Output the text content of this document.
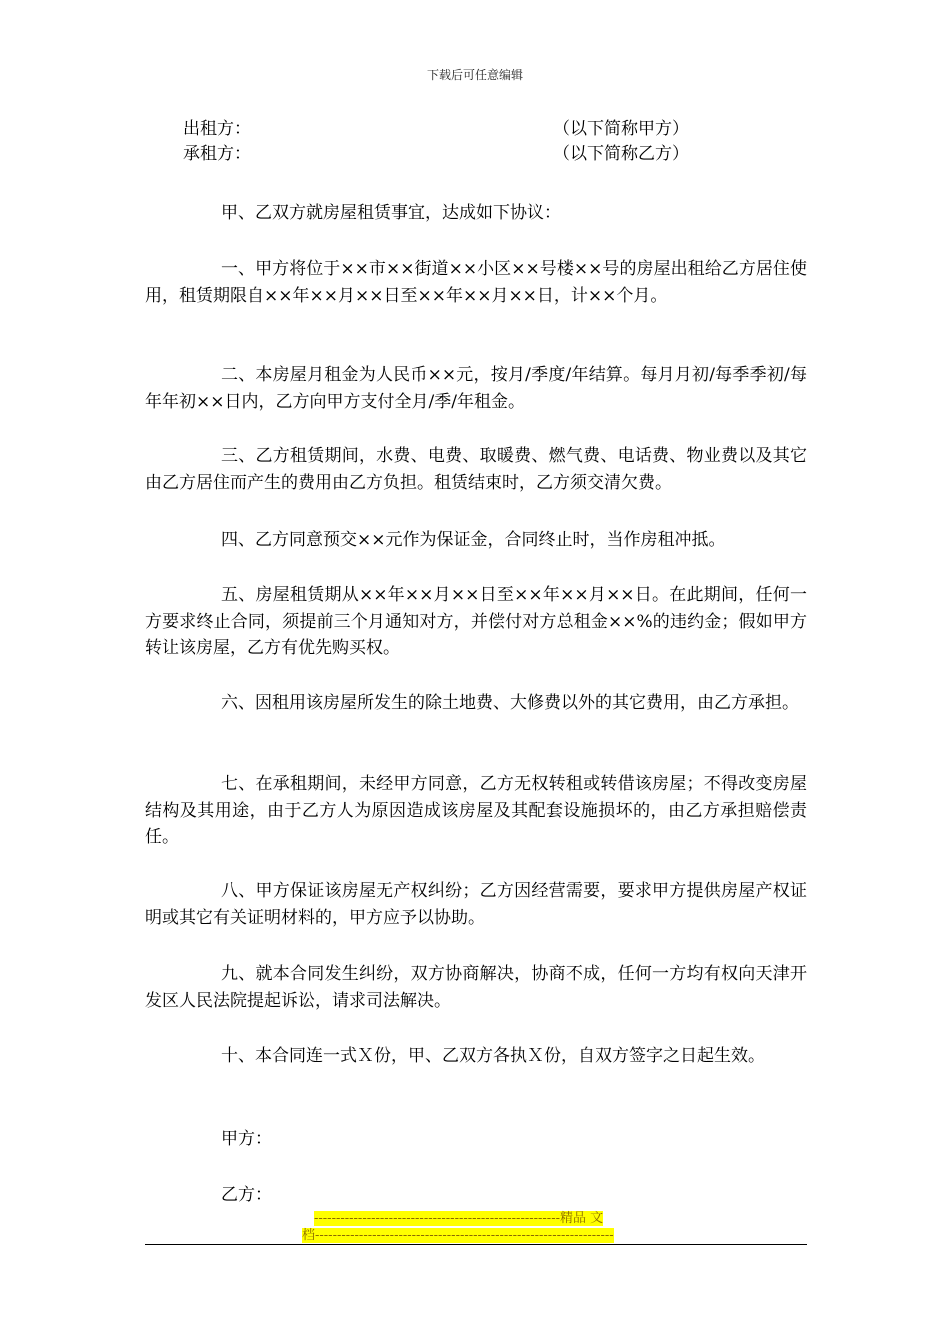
下载后可任意编辑
出租方：	（以下简称甲方）
承租方：	（以下简称乙方）

甲、乙双方就房屋租赁事宜，达成如下协议：

一、甲方将位于××市××街道××小区××号楼××号的房屋出租给乙方居住使用，租赁期限自××年××月××日至××年××月××日，计××个月。

二、本房屋月租金为人民币××元，按月/季度/年结算。每月月初/每季季初/每年年初××日内，乙方向甲方支付全月/季/年租金。

三、乙方租赁期间，水费、电费、取暖费、燃气费、电话费、物业费以及其它由乙方居住而产生的费用由乙方负担。租赁结束时，乙方须交清欠费。

四、乙方同意预交××元作为保证金，合同终止时，当作房租冲抵。

五、房屋租赁期从××年××月××日至××年××月××日。在此期间，任何一方要求终止合同，须提前三个月通知对方，并偿付对方总租金××%的违约金；假如甲方转让该房屋，乙方有优先购买权。

六、因租用该房屋所发生的除土地费、大修费以外的其它费用，由乙方承担。

七、在承租期间，未经甲方同意，乙方无权转租或转借该房屋；不得改变房屋结构及其用途，由于乙方人为原因造成该房屋及其配套设施损坏的，由乙方承担赔偿责任。

八、甲方保证该房屋无产权纠纷；乙方因经营需要，要求甲方提供房屋产权证明或其它有关证明材料的，甲方应予以协助。

九、就本合同发生纠纷，双方协商解决，协商不成，任何一方均有权向天津开发区人民法院提起诉讼，请求司法解决。

十、本合同连一式Ｘ份，甲、乙双方各执Ｘ份，自双方签字之日起生效。

甲方：
乙方：
--------------------------------------------------------精品 文
档--------------------------------------------------------------------
